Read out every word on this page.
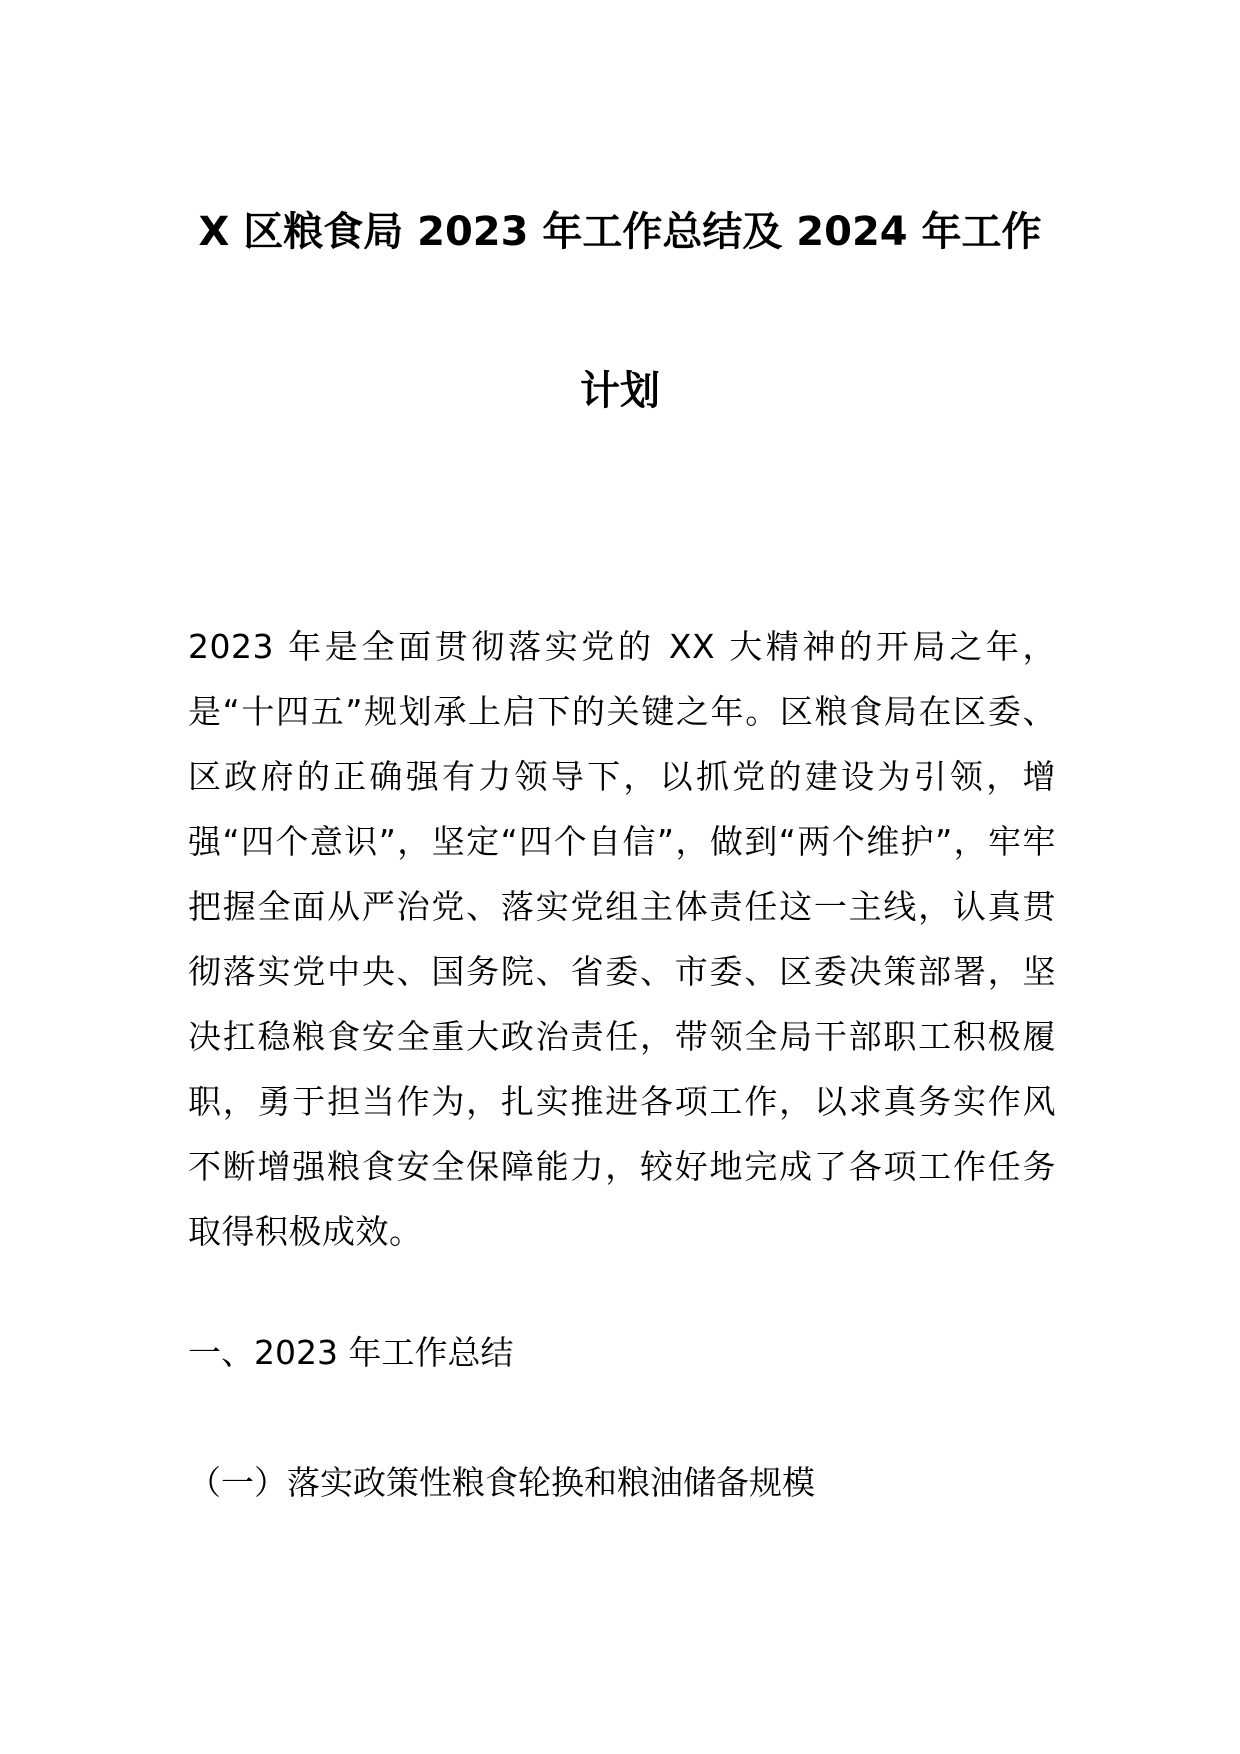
X 区粮食局 2023 年工作总结及 2024 年工作
计划
2023 年是全面贯彻落实党的 XX 大精神的开局之年，是“十四五”规划承上启下的关键之年。区粮食局在区委、区政府的正确强有力领导下，以抓党的建设为引领，增强“四个意识”，坚定“四个自信”，做到“两个维护”，牢牢把握全面从严治党、落实党组主体责任这一主线，认真贯彻落实党中央、国务院、省委、市委、区委决策部署，坚决扛稳粮食安全重大政治责任，带领全局干部职工积极履职，勇于担当作为，扎实推进各项工作，以求真务实作风不断增强粮食安全保障能力，较好地完成了各项工作任务取得积极成效。
一、2023 年工作总结
（一）落实政策性粮食轮换和粮油储备规模
